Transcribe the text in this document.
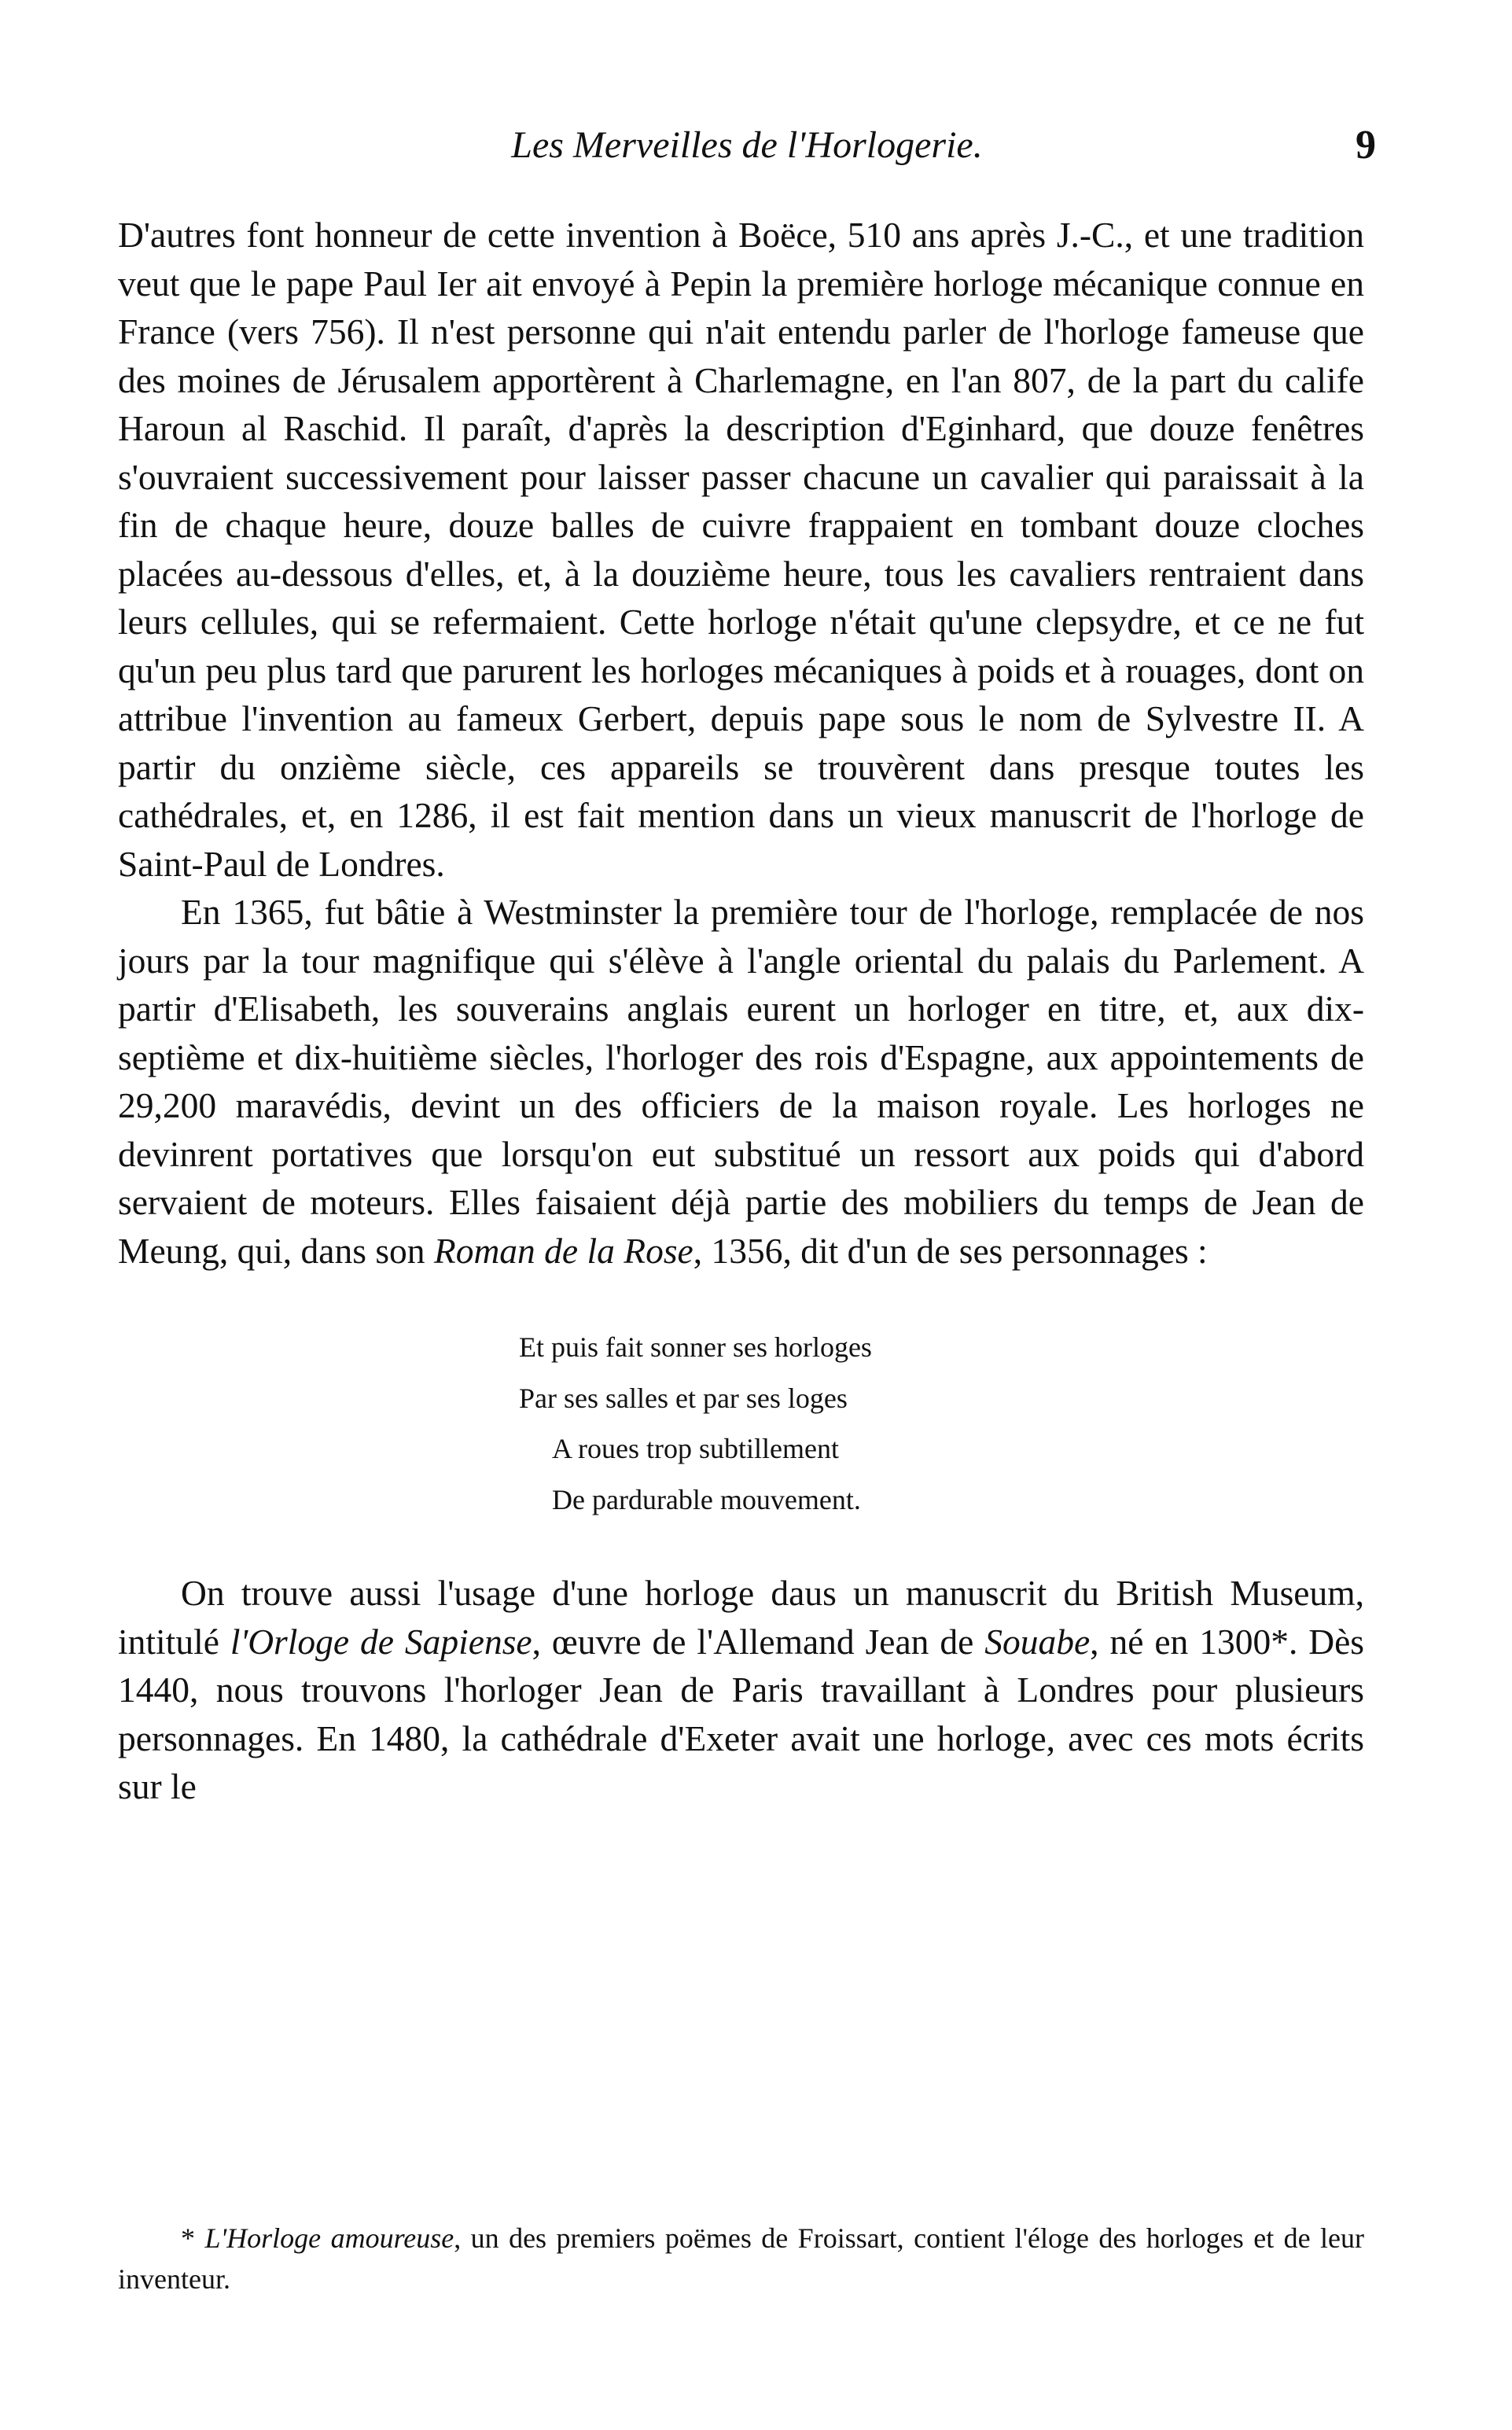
Les Merveilles de l'Horlogerie.	9

D'autres font honneur de cette invention à Boëce, 510 ans après J.-C., et une tradition veut que le pape Paul Ier ait envoyé à Pepin la première horloge mécanique connue en France (vers 756). Il n'est personne qui n'ait entendu parler de l'horloge fameuse que des moines de Jérusalem apportèrent à Charlemagne, en l'an 807, de la part du calife Haroun al Raschid. Il paraît, d'après la description d'Eginhard, que douze fenêtres s'ouvraient successivement pour laisser passer chacune un cavalier qui paraissait à la fin de chaque heure, douze balles de cuivre frappaient en tombant douze cloches placées au-dessous d'elles, et, à la douzième heure, tous les cavaliers rentraient dans leurs cellules, qui se refermaient. Cette horloge n'était qu'une clepsydre, et ce ne fut qu'un peu plus tard que parurent les horloges mécaniques à poids et à rouages, dont on attribue l'invention au fameux Gerbert, depuis pape sous le nom de Sylvestre II. A partir du onzième siècle, ces appareils se trouvèrent dans presque toutes les cathédrales, et, en 1286, il est fait mention dans un vieux manuscrit de l'horloge de Saint-Paul de Londres.

En 1365, fut bâtie à Westminster la première tour de l'horloge, remplacée de nos jours par la tour magnifique qui s'élève à l'angle oriental du palais du Parlement. A partir d'Elisabeth, les souverains anglais eurent un horloger en titre, et, aux dix-septième et dix-huitième siècles, l'horloger des rois d'Espagne, aux appointements de 29,200 maravédis, devint un des officiers de la maison royale. Les horloges ne devinrent portatives que lorsqu'on eut substitué un ressort aux poids qui d'abord servaient de moteurs. Elles faisaient déjà partie des mobiliers du temps de Jean de Meung, qui, dans son Roman de la Rose, 1356, dit d'un de ses personnages :

Et puis fait sonner ses horloges
Par ses salles et par ses loges
A roues trop subtillement
De pardurable mouvement.

On trouve aussi l'usage d'une horloge daus un manuscrit du British Museum, intitulé l'Orloge de Sapiense, œuvre de l'Allemand Jean de Souabe, né en 1300*. Dès 1440, nous trouvons l'horloger Jean de Paris travaillant à Londres pour plusieurs personnages. En 1480, la cathédrale d'Exeter avait une horloge, avec ces mots écrits sur le

* L'Horloge amoureuse, un des premiers poëmes de Froissart, contient l'éloge des horloges et de leur inventeur.
